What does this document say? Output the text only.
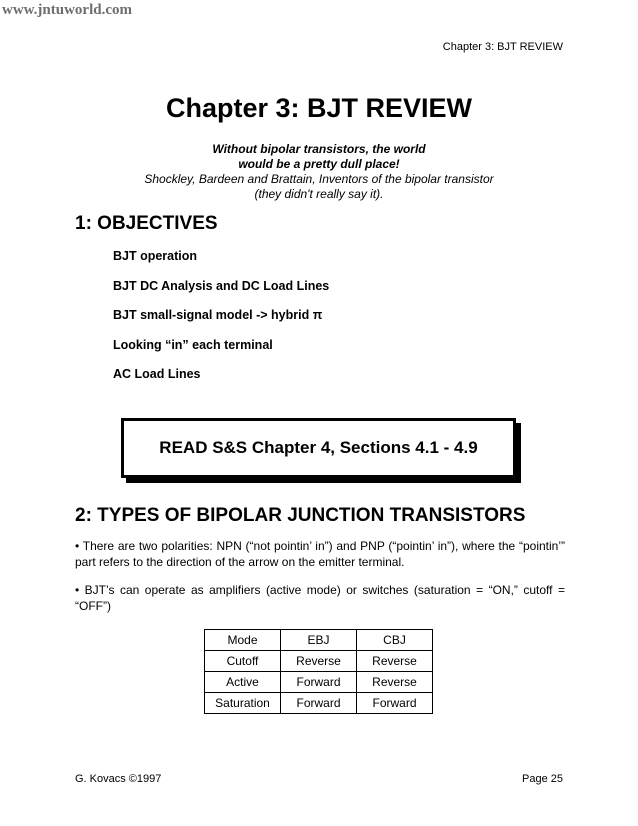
www.jntuworld.com
Chapter 3: BJT REVIEW
Chapter 3: BJT REVIEW
Without bipolar transistors, the world
would be a pretty dull place!
Shockley, Bardeen and Brattain, Inventors of the bipolar transistor
(they didn't really say it).
1: OBJECTIVES
BJT operation
BJT DC Analysis and DC Load Lines
BJT small-signal model -> hybrid π
Looking “in” each terminal
AC Load Lines
READ S&S Chapter 4, Sections 4.1 - 4.9
2: TYPES OF BIPOLAR JUNCTION TRANSISTORS
• There are two polarities: NPN (“not pointin’ in”) and PNP (“pointin’ in”), where the “pointin’” part refers to the direction of the arrow on the emitter terminal.
• BJT’s can operate as amplifiers (active mode) or switches (saturation = “ON,” cutoff = “OFF”)
Mode	EBJ	CBJ
Cutoff	Reverse	Reverse
Active	Forward	Reverse
Saturation	Forward	Forward
G. Kovacs ©1997	Page 25
